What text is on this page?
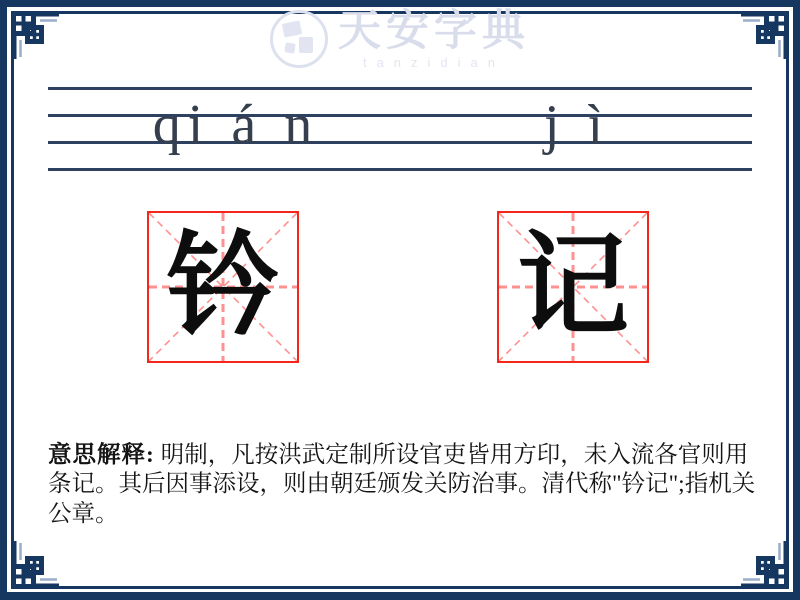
天安字典
tanzidian
qi á n	j ì
钤 记

意思解释: 明制，凡按洪武定制所设官吏皆用方印，未入流各官则用条记。其后因事添设，则由朝廷颁发关防治事。清代称"钤记";指机关公章。
